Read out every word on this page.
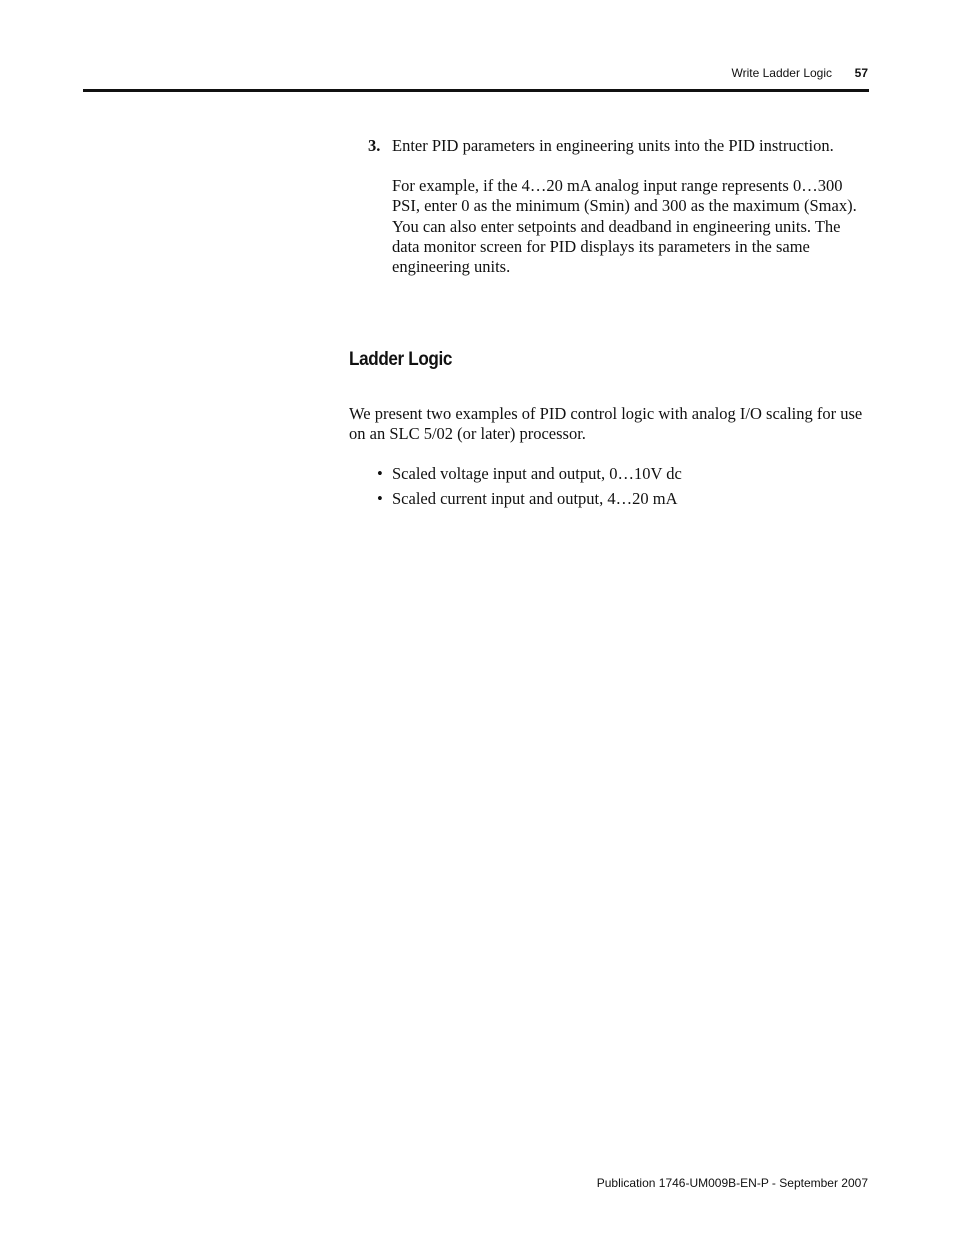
Write Ladder Logic 57
3. Enter PID parameters in engineering units into the PID instruction.

For example, if the 4…20 mA analog input range represents 0…300 PSI, enter 0 as the minimum (Smin) and 300 as the maximum (Smax). You can also enter setpoints and deadband in engineering units. The data monitor screen for PID displays its parameters in the same engineering units.

Ladder Logic

We present two examples of PID control logic with analog I/O scaling for use on an SLC 5/02 (or later) processor.

• Scaled voltage input and output, 0…10V dc
• Scaled current input and output, 4…20 mA
Publication 1746-UM009B-EN-P - September 2007
